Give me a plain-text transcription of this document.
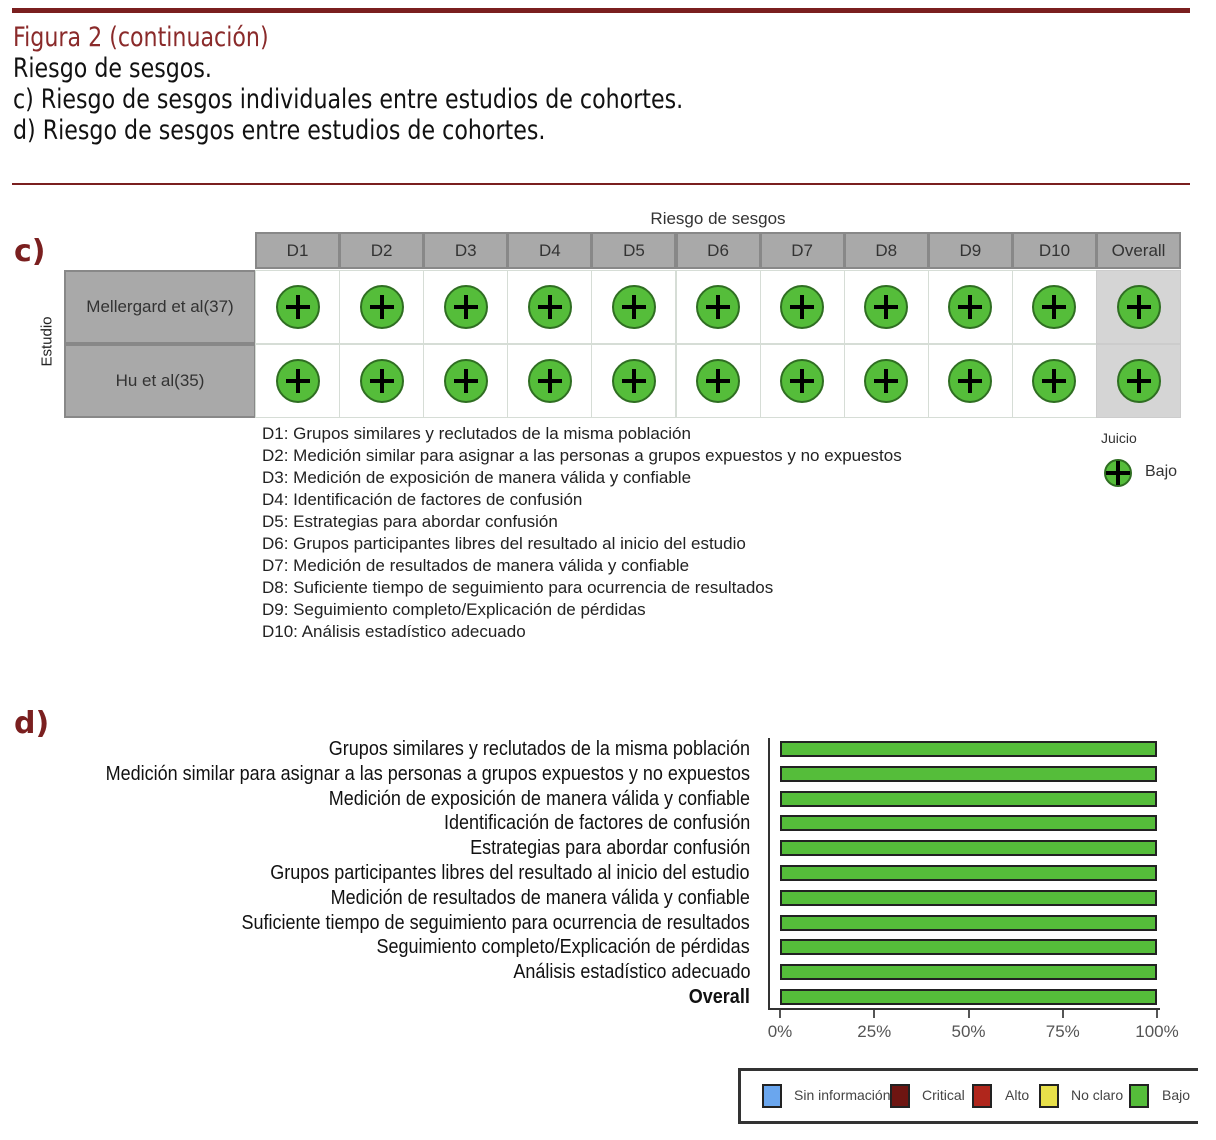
Figura 2 (continuación)
Riesgo de sesgos.
c) Riesgo de sesgos individuales entre estudios de cohortes.
d) Riesgo de sesgos entre estudios de cohortes.
c)
Riesgo de sesgos
Estudio
D1	D2	D3	D4	D5	D6	D7	D8	D9	D10	Overall
Mellergard et al(37)
Hu et al(35)
D1: Grupos similares y reclutados de la misma población
D2: Medición similar para asignar a las personas a grupos expuestos y no expuestos
D3: Medición de exposición de manera válida y confiable
D4: Identificación de factores de confusión
D5: Estrategias para abordar confusión
D6: Grupos participantes libres del resultado al inicio del estudio
D7: Medición de resultados de manera válida y confiable
D8: Suficiente tiempo de seguimiento para ocurrencia de resultados
D9: Seguimiento completo/Explicación de pérdidas
D10: Análisis estadístico adecuado
Juicio
Bajo
d)
Grupos similares y reclutados de la misma población
Medición similar para asignar a las personas a grupos expuestos y no expuestos
Medición de exposición de manera válida y confiable
Identificación de factores de confusión
Estrategias para abordar confusión
Grupos participantes libres del resultado al inicio del estudio
Medición de resultados de manera válida y confiable
Suficiente tiempo de seguimiento para ocurrencia de resultados
Seguimiento completo/Explicación de pérdidas
Análisis estadístico adecuado
Overall
0%	25%	50%	75%	100%
Sin información Critical	Alto	No claro	Bajo
